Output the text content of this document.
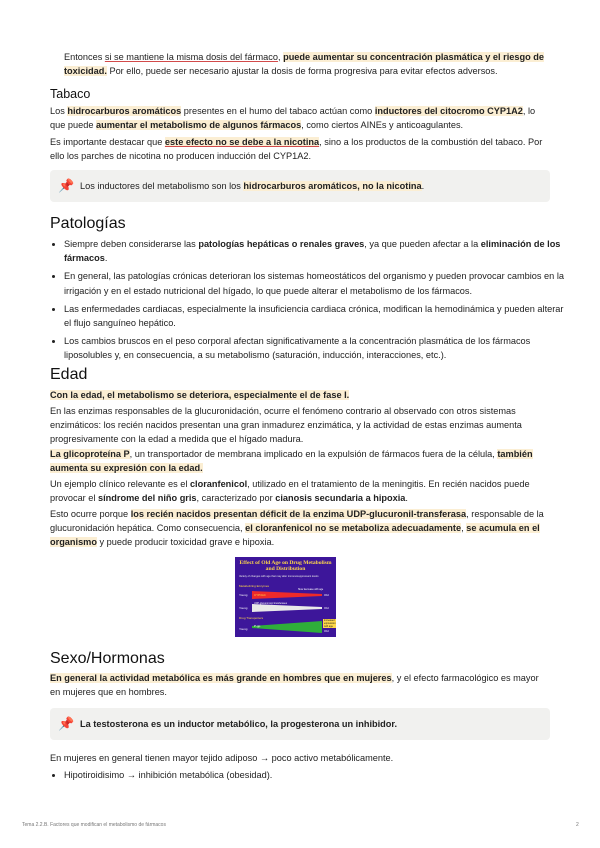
Entonces si se mantiene la misma dosis del fármaco, puede aumentar su concentración plasmática y el riesgo de toxicidad. Por ello, puede ser necesario ajustar la dosis de forma progresiva para evitar efectos adversos.

Tabaco

Los hidrocarburos aromáticos presentes en el humo del tabaco actúan como inductores del citocromo CYP1A2, lo que puede aumentar el metabolismo de algunos fármacos, como ciertos AINEs y anticoagulantes.

Es importante destacar que este efecto no se debe a la nicotina, sino a los productos de la combustión del tabaco. Por ello los parches de nicotina no producen inducción del CYP1A2.

📌 Los inductores del metabolismo son los hidrocarburos aromáticos, no la nicotina.

Patologías
• Siempre deben considerarse las patologías hepáticas o renales graves, ya que pueden afectar a la eliminación de los fármacos.
• En general, las patologías crónicas deterioran los sistemas homeostáticos del organismo y pueden provocar cambios en la irrigación y en el estado nutricional del hígado, lo que puede alterar el metabolismo de los fármacos.
• Las enfermedades cardiacas, especialmente la insuficiencia cardiaca crónica, modifican la hemodinámica y pueden alterar el flujo sanguíneo hepático.
• Los cambios bruscos en el peso corporal afectan significativamente a la concentración plasmática de los fármacos liposolubles y, en consecuencia, a su metabolismo (saturación, inducción, interacciones, etc.).
Edad

Con la edad, el metabolismo se deteriora, especialmente el de fase I.

En las enzimas responsables de la glucuronidación, ocurre el fenómeno contrario al observado con otros sistemas enzimáticos: los recién nacidos presentan una gran inmadurez enzimática, y la actividad de estas enzimas aumenta progresivamente con la edad a medida que el hígado madura.

La glicoproteína P, un transportador de membrana implicado en la expulsión de fármacos fuera de la célula, también aumenta su expresión con la edad.

Un ejemplo clínico relevante es el cloranfenicol, utilizado en el tratamiento de la meningitis. En recién nacidos puede provocar el síndrome del niño gris, caracterizado por cianosis secundaria a hipoxia.

Esto ocurre porque los recién nacidos presentan déficit de la enzima UDP-glucuronil-transferasa, responsable de la glucuronidación hepática. Como consecuencia, el cloranfenicol no se metaboliza adecuadamente, se acumula en el organismo y puede producir toxicidad grave e hipoxia.

Sexo/Hormonas

En general la actividad metabólica es más grande en hombres que en mujeres, y el efecto farmacológico es mayor en mujeres que en hombres.

📌 La testosterona es un inductor metabólico, la progesterona un inhibidor.

En mujeres en general tienen mayor tejido adiposo → poco activo metabólicamente.

• Hipotiroidisimo → inhibición metabólica (obesidad).
Effect of Old Age on Drug Metabolism and Distribution
Variety of changes with age that may alter immunosuppressant levels
Metabolizing Enzymes
Young CYP3A4
Slow decrease with age
Old
Young
UDP-glucuronosyl transferases
Old
Drug Transporters
Young
P-gp
Increased expression with age
Old
Tema 2.2.B. Factores que modifican el metabolismo de fármacos	2
